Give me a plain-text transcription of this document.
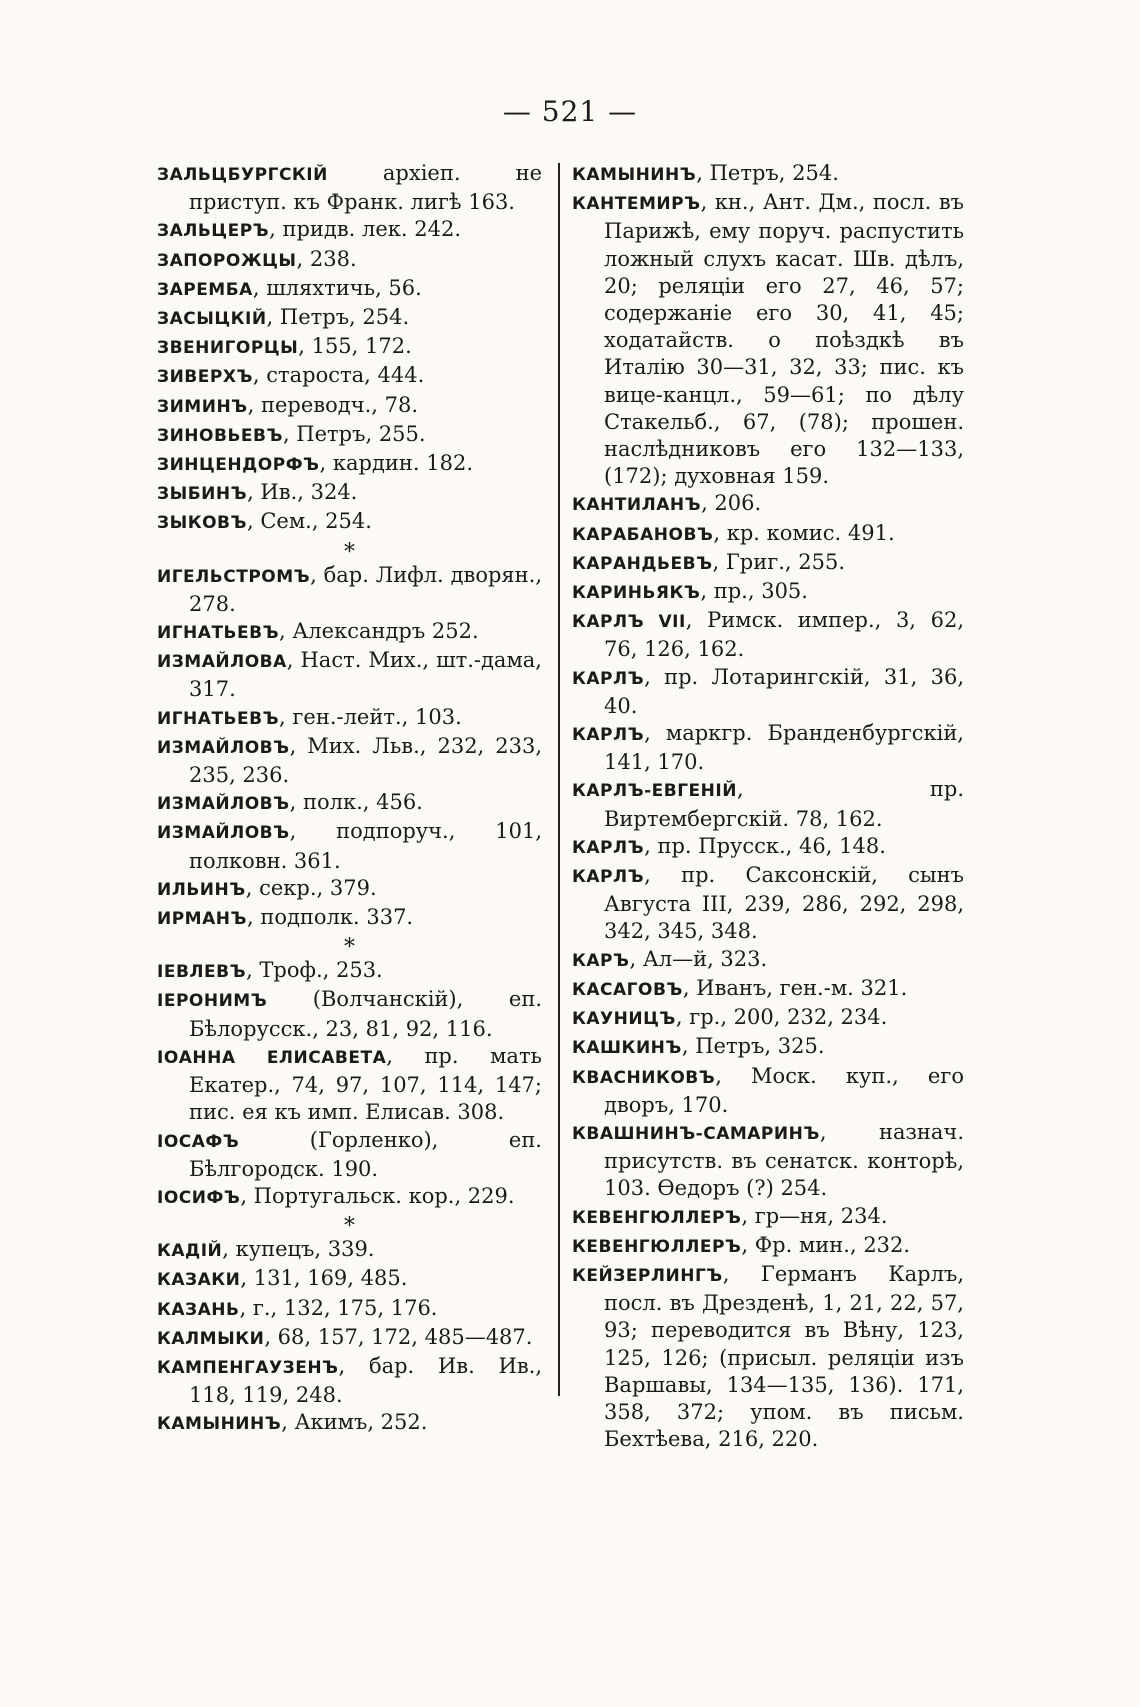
— 521 —

ЗАЛЬЦБУРГСКІЙ архіеп. не приступ. къ Франк. лигѣ 163.

ЗАЛЬЦЕРЪ, придв. лек. 242.

ЗАПОРОЖЦЫ, 238.

ЗАРЕМБА, шляхтичь, 56.

ЗАСЫЦКІЙ, Петръ, 254.

ЗВЕНИГОРЦЫ, 155, 172.

ЗИВЕРХЪ, староста, 444.

ЗИМИНЪ, переводч., 78.

ЗИНОВЬЕВЪ, Петръ, 255.

ЗИНЦЕНДОРФЪ, кардин. 182.

ЗЫБИНЪ, Ив., 324.

ЗЫКОВЪ, Сем., 254.

*

ИГЕЛЬСТРОМЪ, бар. Лифл. дворян., 278.

ИГНАТЬЕВЪ, Александръ 252.

ИЗМАЙЛОВА, Наст. Мих., шт.-дама, 317.

ИГНАТЬЕВЪ, ген.-лейт., 103.

ИЗМАЙЛОВЪ, Мих. Льв., 232, 233, 235, 236.

ИЗМАЙЛОВЪ, полк., 456.

ИЗМАЙЛОВЪ, подпоруч., 101, полковн. 361.

ИЛЬИНЪ, секр., 379.

ИРМАНЪ, подполк. 337.

*

ІЕВЛЕВЪ, Троф., 253.

ІЕРОНИМЪ (Волчанскій), еп. Бѣлорусск., 23, 81, 92, 116.

ІОАННА ЕЛИСАВЕТА, пр. мать Екатер., 74, 97, 107, 114, 147; пис. ея къ имп. Елисав. 308.

ІОСАФЪ (Горленко), еп. Бѣлгородск. 190.

ІОСИФЪ, Португальск. кор., 229.

*

КАДІЙ, купецъ, 339.

КАЗАКИ, 131, 169, 485.

КАЗАНЬ, г., 132, 175, 176.

КАЛМЫКИ, 68, 157, 172, 485—487.

КАМПЕНГАУЗЕНЪ, бар. Ив. Ив., 118, 119, 248.

КАМЫНИНЪ, Акимъ, 252.

КАМЫНИНЪ, Петръ, 254.

КАНТЕМИРЪ, кн., Ант. Дм., посл. въ Парижѣ, ему поруч. распустить ложный слухъ касат. Шв. дѣлъ, 20; реляціи его 27, 46, 57; содержаніе его 30, 41, 45; ходатайств. о поѣздкѣ въ Италію 30—31, 32, 33; пис. къ вице-канцл., 59—61; по дѣлу Стакельб., 67, (78); прошен. наслѣдниковъ его 132—133, (172); духовная 159.

КАНТИЛАНЪ, 206.

КАРАБАНОВЪ, кр. комис. 491.

КАРАНДЬЕВЪ, Григ., 255.

КАРИНЬЯКЪ, пр., 305.

КАРЛЪ VII, Римск. импер., 3, 62, 76, 126, 162.

КАРЛЪ, пр. Лотарингскій, 31, 36, 40.

КАРЛЪ, маркгр. Бранденбургскій, 141, 170.

КАРЛЪ-ЕВГЕНІЙ, пр. Виртембергскій. 78, 162.

КАРЛЪ, пр. Прусск., 46, 148.

КАРЛЪ, пр. Саксонскій, сынъ Августа III, 239, 286, 292, 298, 342, 345, 348.

КАРЪ, Ал—й, 323.

КАСАГОВЪ, Иванъ, ген.-м. 321.

КАУНИЦЪ, гр., 200, 232, 234.

КАШКИНЪ, Петръ, 325.

КВАСНИКОВЪ, Моск. куп., его дворъ, 170.

КВАШНИНЪ-САМАРИНЪ, назнач. присутств. въ сенатск. конторѣ, 103. Ѳедоръ (?) 254.

КЕВЕНГЮЛЛЕРЪ, гр—ня, 234.

КЕВЕНГЮЛЛЕРЪ, Фр. мин., 232.

КЕЙЗЕРЛИНГЪ, Германъ Карлъ, посл. въ Дрезденѣ, 1, 21, 22, 57, 93; переводится въ Вѣну, 123, 125, 126; (присыл. реляціи изъ Варшавы, 134—135, 136). 171, 358, 372; упом. въ письм. Бехтѣева, 216, 220.
